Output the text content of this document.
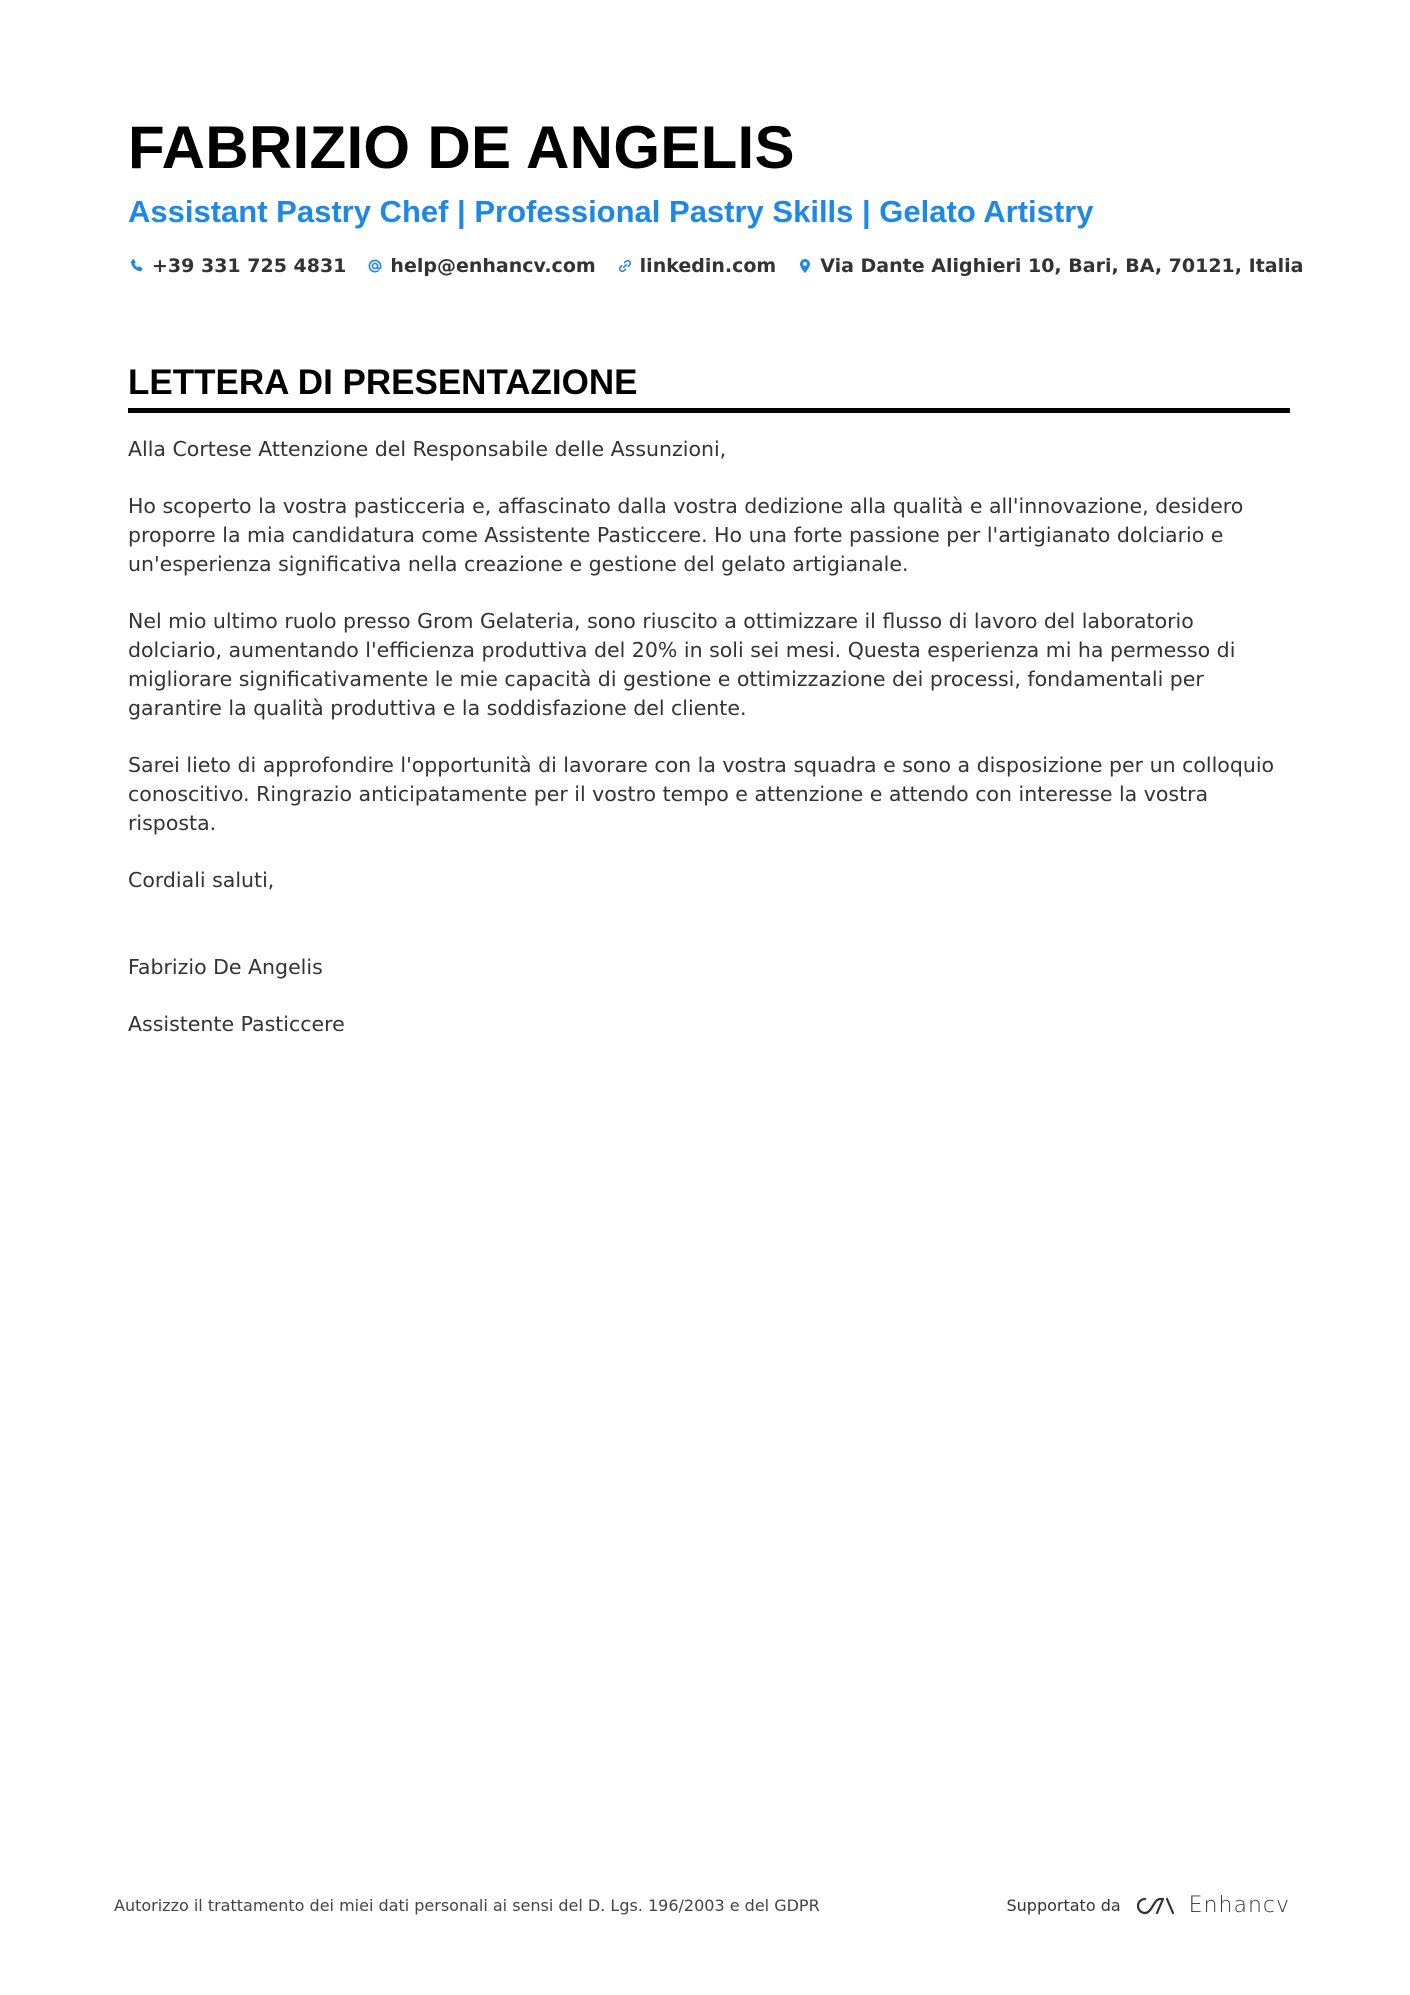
FABRIZIO DE ANGELIS
Assistant Pastry Chef | Professional Pastry Skills | Gelato Artistry
+39 331 725 4831 help@enhancv.com linkedin.com Via Dante Alighieri 10, Bari, BA, 70121, Italia
LETTERA DI PRESENTAZIONE

Alla Cortese Attenzione del Responsabile delle Assunzioni,

Ho scoperto la vostra pasticceria e, affascinato dalla vostra dedizione alla qualità e all'innovazione, desidero proporre la mia candidatura come Assistente Pasticcere. Ho una forte passione per l'artigianato dolciario e un'esperienza significativa nella creazione e gestione del gelato artigianale.

Nel mio ultimo ruolo presso Grom Gelateria, sono riuscito a ottimizzare il flusso di lavoro del laboratorio dolciario, aumentando l'efficienza produttiva del 20% in soli sei mesi. Questa esperienza mi ha permesso di migliorare significativamente le mie capacità di gestione e ottimizzazione dei processi, fondamentali per garantire la qualità produttiva e la soddisfazione del cliente.

Sarei lieto di approfondire l'opportunità di lavorare con la vostra squadra e sono a disposizione per un colloquio conoscitivo. Ringrazio anticipatamente per il vostro tempo e attenzione e attendo con interesse la vostra risposta.

Cordiali saluti,

Fabrizio De Angelis

Assistente Pasticcere

Autorizzo il trattamento dei miei dati personali ai sensi del D. Lgs. 196/2003 e del GDPR	Supportato da	Enhancv
